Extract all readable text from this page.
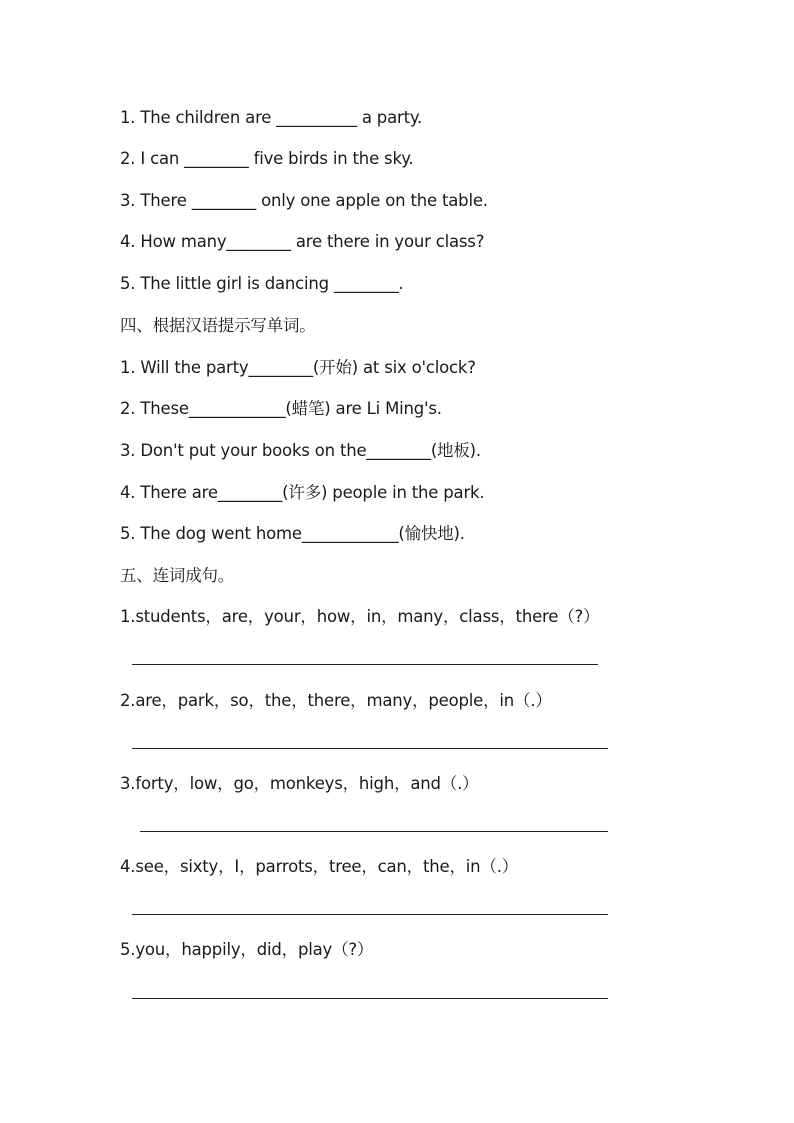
1. The children are __________ a party.
2. I can ________ five birds in the sky.
3. There ________ only one apple on the table.
4. How many________ are there in your class?
5. The little girl is dancing ________.
四、根据汉语提示写单词。
1. Will the party________(开始) at six o'clock?
2. These____________(蜡笔) are Li Ming's.
3. Don't put your books on the________(地板).
4. There are________(许多) people in the park.
5. The dog went home____________(愉快地).
五、连词成句。
1.students，are，your，how，in，many，class，there（?）
2.are，park，so，the，there，many，people，in（.）
3.forty，low，go，monkeys，high，and（.）
4.see，sixty，I，parrots，tree，can，the，in（.）
5.you，happily，did，play（?）
